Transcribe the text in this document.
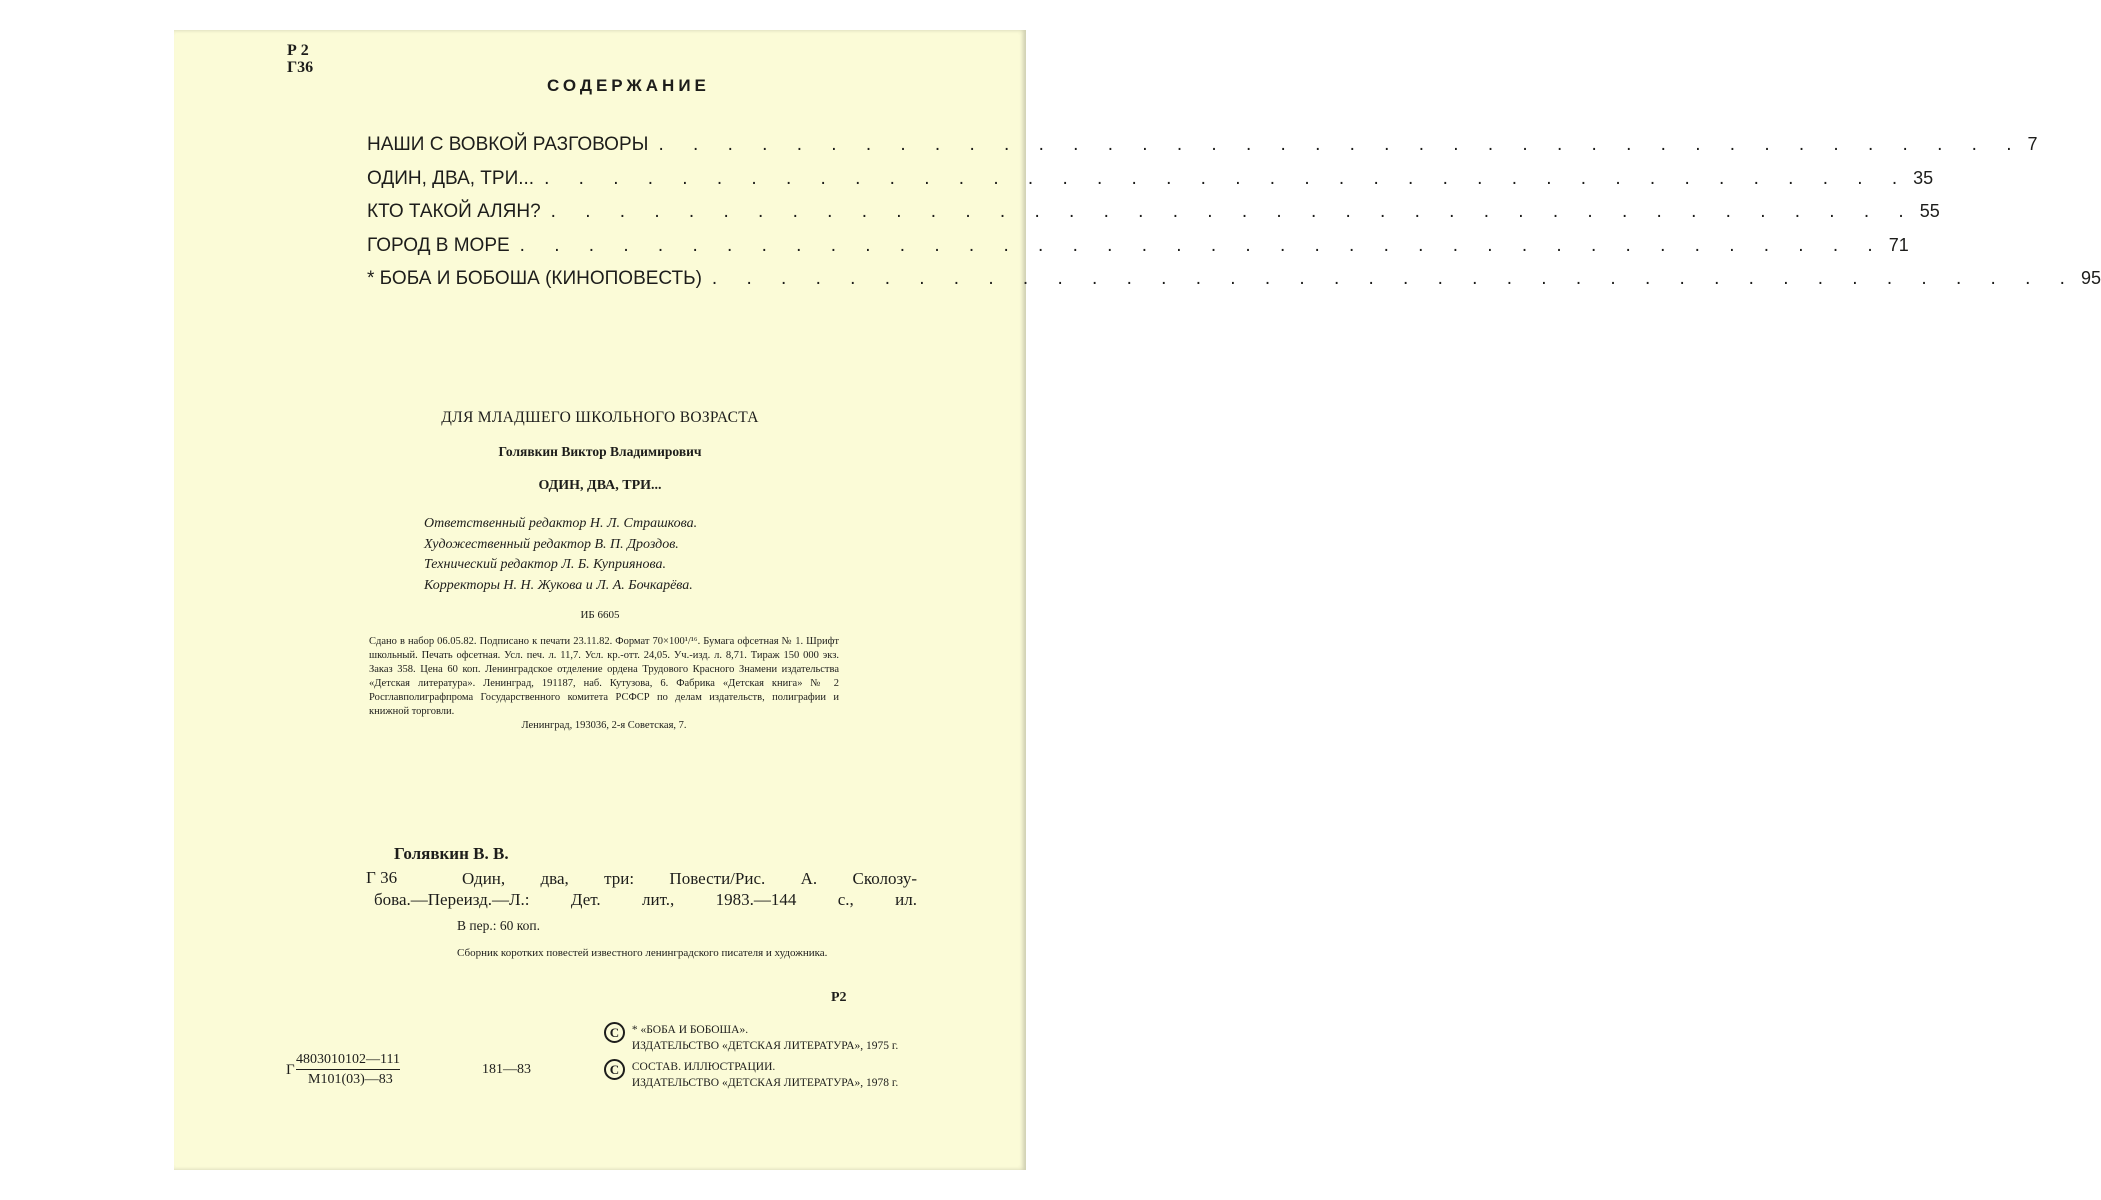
Р 2
Г36
СОДЕРЖАНИЕ
НАШИ С ВОВКОЙ РАЗГОВОРЫ . . . . . . . . . . . . . . . . . . . . . . . . . . . . . . . . . . . . . . . . 7
ОДИН, ДВА, ТРИ... . . . . . . . . . . . . . . . . . . . . . . . . . . . . . . . . . . . . . . . . 35
КТО ТАКОЙ АЛЯН? . . . . . . . . . . . . . . . . . . . . . . . . . . . . . . . . . . . . . . . . 55
ГОРОД В МОРЕ . . . . . . . . . . . . . . . . . . . . . . . . . . . . . . . . . . . . . . . . 71
* БОБА И БОБОША (КИНОПОВЕСТЬ) . . . . . . . . . . . . . . . . . . . . . . . . . . . . . . . . . . . . . . . . 95
ДЛЯ МЛАДШЕГО ШКОЛЬНОГО ВОЗРАСТА
Голявкин Виктор Владимирович
ОДИН, ДВА, ТРИ...
Ответственный редактор Н. Л. Страшкова.
Художественный редактор В. П. Дроздов.
Технический редактор Л. Б. Куприянова.
Корректоры Н. Н. Жукова и Л. А. Бочкарёва.
ИБ 6605
Сдано в набор 06.05.82. Подписано к печати 23.11.82. Формат 70×100¹/¹⁶. Бумага офсетная № 1. Шрифт школьный. Печать офсетная. Усл. печ. л. 11,7. Усл. кр.-отт. 24,05. Уч.-изд. л. 8,71. Тираж 150 000 экз. Заказ 358. Цена 60 коп. Ленинградское отделение ордена Трудового Красного Знамени издательства «Детская литература». Ленинград, 191187, наб. Кутузова, 6. Фабрика «Детская книга» № 2 Росглавполиграфпрома Государственного комитета РСФСР по делам издательств, полиграфии и книжной торговли.
Ленинград, 193036, 2-я Советская, 7.
Голявкин В. В.
Г 36	Один, два, три: Повести/Рис. А. Сколозу-
бова.—Переизд.—Л.: Дет. лит., 1983.—144 с., ил.
В пер.: 60 коп.
Сборник коротких повестей известного ленинградского писателя и художника.
Р2
С * «БОБА И БОБОША».
ИЗДАТЕЛЬСТВО «ДЕТСКАЯ ЛИТЕРАТУРА», 1975 г.
С СОСТАВ. ИЛЛЮСТРАЦИИ.
ИЗДАТЕЛЬСТВО «ДЕТСКАЯ ЛИТЕРАТУРА», 1978 г.
Г
4803010102—111
М101(03)—83
181—83
